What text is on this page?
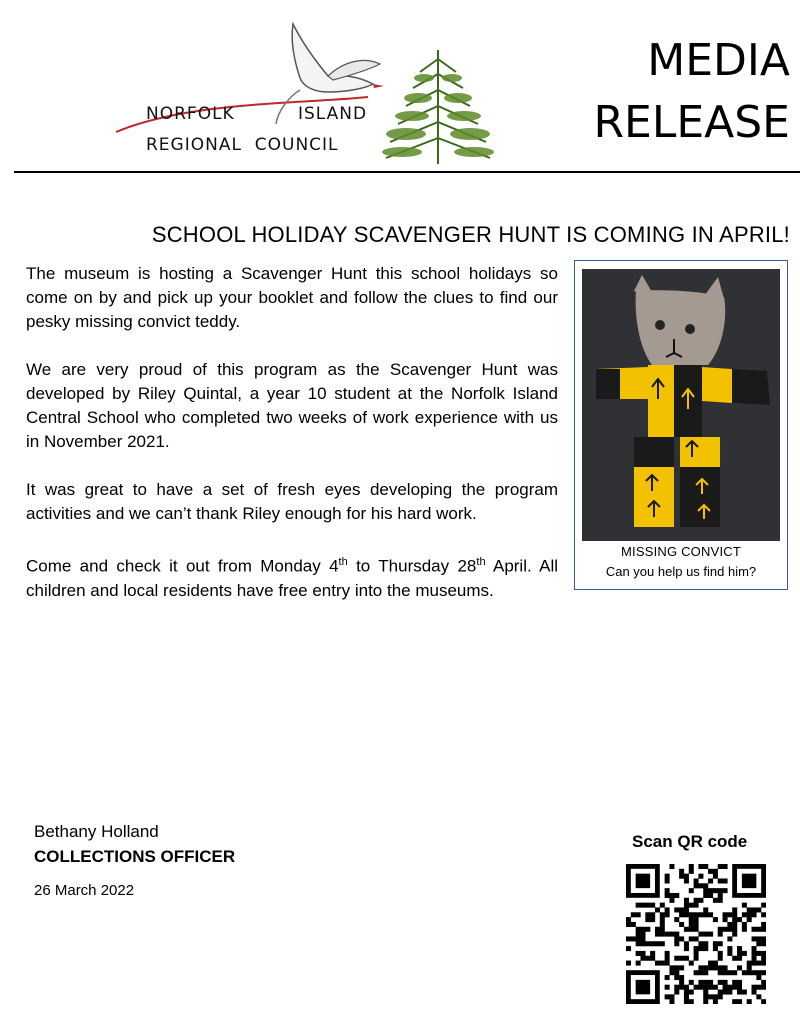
NORFOLK	ISLAND
REGIONAL  COUNCIL
MEDIA
RELEASE
SCHOOL HOLIDAY SCAVENGER HUNT IS COMING IN APRIL!

The museum is hosting a Scavenger Hunt this school holidays so come on by and pick up your booklet and follow the clues to find our pesky missing convict teddy.

We are very proud of this program as the Scavenger Hunt was developed by Riley Quintal, a year 10 student at the Norfolk Island Central School who completed two weeks of work experience with us in November 2021.

It was great to have a set of fresh eyes developing the program activities and we can’t thank Riley enough for his hard work.

Come and check it out from Monday 4th to Thursday 28th April. All children and local residents have free entry into the museums.

MISSING CONVICT
Can you help us find him?
Bethany Holland
COLLECTIONS OFFICER
26 March 2022
Scan QR code
